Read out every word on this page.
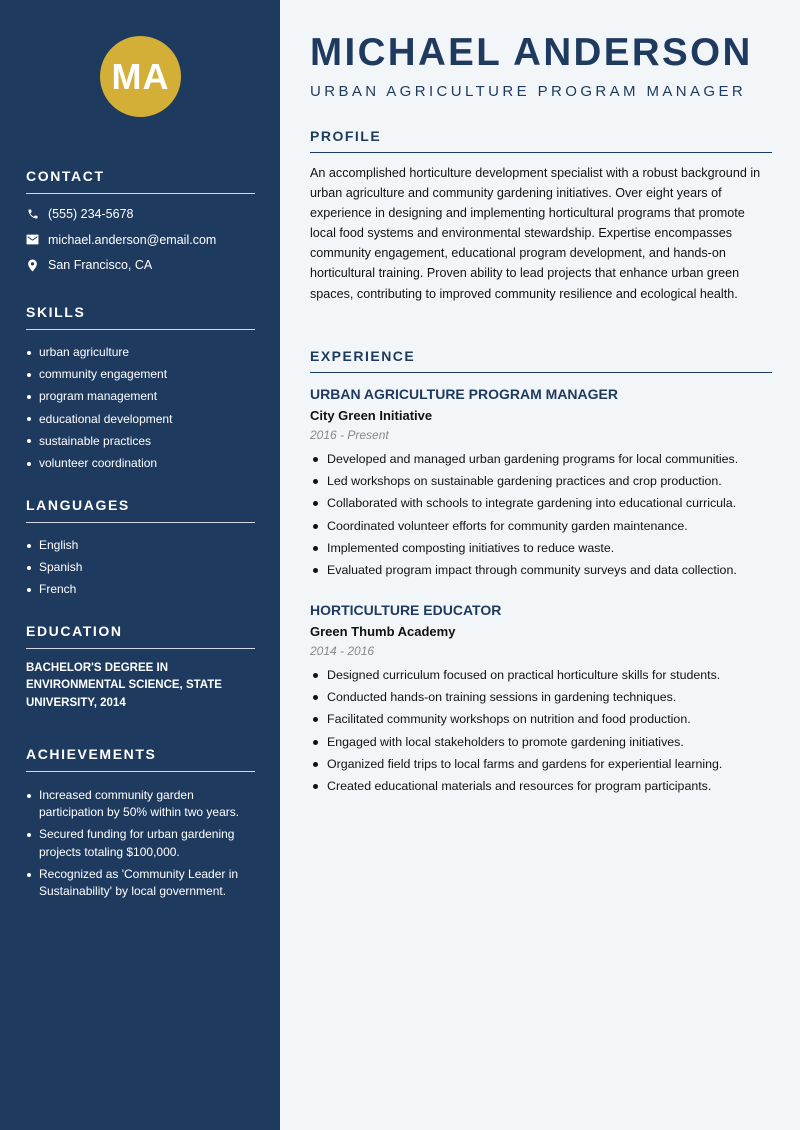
MA
CONTACT
(555) 234-5678
michael.anderson@email.com
San Francisco, CA
SKILLS
urban agriculture
community engagement
program management
educational development
sustainable practices
volunteer coordination
LANGUAGES
English
Spanish
French
EDUCATION
BACHELOR'S DEGREE IN ENVIRONMENTAL SCIENCE, STATE UNIVERSITY, 2014
ACHIEVEMENTS
Increased community garden participation by 50% within two years.
Secured funding for urban gardening projects totaling $100,000.
Recognized as 'Community Leader in Sustainability' by local government.
MICHAEL ANDERSON
URBAN AGRICULTURE PROGRAM MANAGER
PROFILE

An accomplished horticulture development specialist with a robust background in urban agriculture and community gardening initiatives. Over eight years of experience in designing and implementing horticultural programs that promote local food systems and environmental stewardship. Expertise encompasses community engagement, educational program development, and hands-on horticultural training. Proven ability to lead projects that enhance urban green spaces, contributing to improved community resilience and ecological health.

EXPERIENCE
URBAN AGRICULTURE PROGRAM MANAGER
City Green Initiative
2016 - Present
Developed and managed urban gardening programs for local communities.
Led workshops on sustainable gardening practices and crop production.
Collaborated with schools to integrate gardening into educational curricula.
Coordinated volunteer efforts for community garden maintenance.
Implemented composting initiatives to reduce waste.
Evaluated program impact through community surveys and data collection.
HORTICULTURE EDUCATOR
Green Thumb Academy
2014 - 2016
Designed curriculum focused on practical horticulture skills for students.
Conducted hands-on training sessions in gardening techniques.
Facilitated community workshops on nutrition and food production.
Engaged with local stakeholders to promote gardening initiatives.
Organized field trips to local farms and gardens for experiential learning.
Created educational materials and resources for program participants.
